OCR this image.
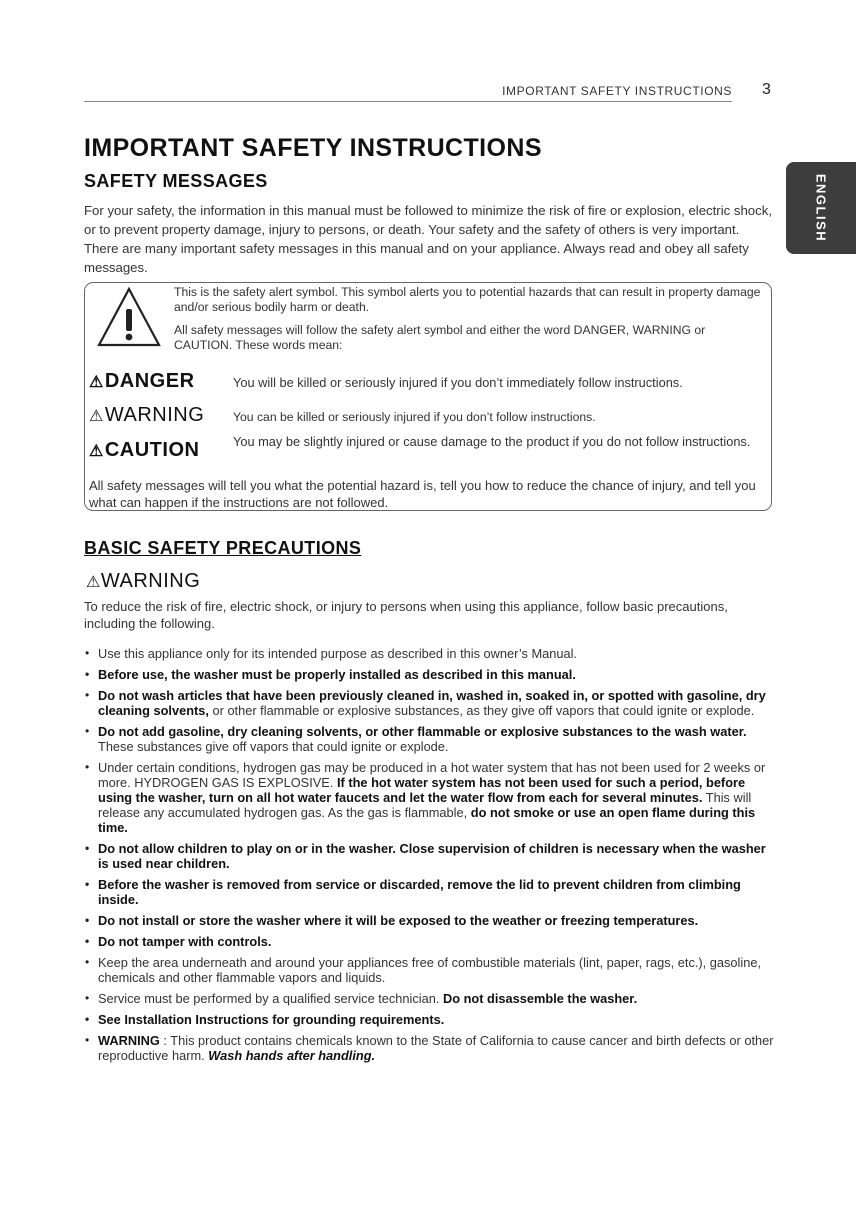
IMPORTANT SAFETY INSTRUCTIONS 3
ENGLISH
IMPORTANT SAFETY INSTRUCTIONS
SAFETY MESSAGES
For your safety, the information in this manual must be followed to minimize the risk of fire or explosion, electric shock, or to prevent property damage, injury to persons, or death. Your safety and the safety of others is very important. There are many important safety messages in this manual and on your appliance. Always read and obey all safety messages.
This is the safety alert symbol. This symbol alerts you to potential hazards that can result in property damage and/or serious bodily harm or death.
All safety messages will follow the safety alert symbol and either the word DANGER, WARNING or CAUTION. These words mean:
⚠DANGER	You will be killed or seriously injured if you don’t immediately follow instructions.
⚠WARNING You can be killed or seriously injured if you don’t follow instructions.
⚠CAUTION	You may be slightly injured or cause damage to the product if you do not follow instructions.
All safety messages will tell you what the potential hazard is, tell you how to reduce the chance of injury, and tell you what can happen if the instructions are not followed.
BASIC SAFETY PRECAUTIONS
⚠WARNING
To reduce the risk of fire, electric shock, or injury to persons when using this appliance, follow basic precautions, including the following.
• Use this appliance only for its intended purpose as described in this owner’s Manual.
• Before use, the washer must be properly installed as described in this manual.
• Do not wash articles that have been previously cleaned in, washed in, soaked in, or spotted with gasoline, dry cleaning solvents, or other flammable or explosive substances, as they give off vapors that could ignite or explode.
• Do not add gasoline, dry cleaning solvents, or other flammable or explosive substances to the wash water. These substances give off vapors that could ignite or explode.
• Under certain conditions, hydrogen gas may be produced in a hot water system that has not been used for 2 weeks or more. HYDROGEN GAS IS EXPLOSIVE. If the hot water system has not been used for such a period, before using the washer, turn on all hot water faucets and let the water flow from each for several minutes. This will release any accumulated hydrogen gas. As the gas is flammable, do not smoke or use an open flame during this time.
• Do not allow children to play on or in the washer. Close supervision of children is necessary when the washer is used near children.
• Before the washer is removed from service or discarded, remove the lid to prevent children from climbing inside.
• Do not install or store the washer where it will be exposed to the weather or freezing temperatures.
• Do not tamper with controls.
• Keep the area underneath and around your appliances free of combustible materials (lint, paper, rags, etc.), gasoline, chemicals and other flammable vapors and liquids.
• Service must be performed by a qualified service technician. Do not disassemble the washer.
• See Installation Instructions for grounding requirements.
• WARNING : This product contains chemicals known to the State of California to cause cancer and birth defects or other reproductive harm. Wash hands after handling.
